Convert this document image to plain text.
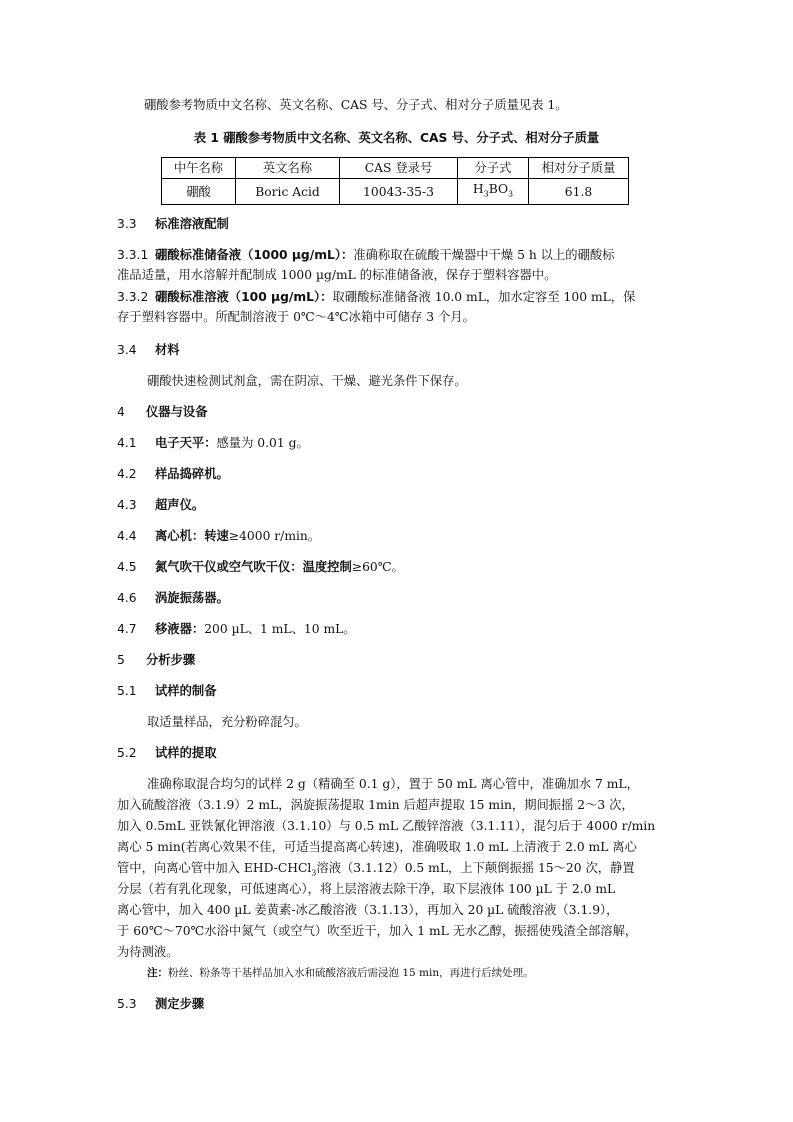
硼酸参考物质中文名称、英文名称、CAS 号、分子式、相对分子质量见表 1。
表 1 硼酸参考物质中文名称、英文名称、CAS 号、分子式、相对分子质量
中午名称	英文名称	CAS 登录号	分子式	相对分子质量
硼酸	Boric Acid	10043-35-3	$H_3BO_3$	61.8
3.3 标准溶液配制
3.3.1 硼酸标准储备液（1000 µg/mL）：准确称取在硫酸干燥器中干燥 5 h 以上的硼酸标
准品适量，用水溶解并配制成 1000 µg/mL 的标准储备液，保存于塑料容器中。
3.3.2 硼酸标准溶液（100 µg/mL）：取硼酸标准储备液 10.0 mL，加水定容至 100 mL，保
存于塑料容器中。所配制溶液于 0℃～4℃冰箱中可储存 3 个月。
3.4 材料
硼酸快速检测试剂盒，需在阴凉、干燥、避光条件下保存。
4 仪器与设备
4.1 电子天平：感量为 0.01 g。
4.2 样品捣碎机。
4.3 超声仪。
4.4 离心机：转速≥4000 r/min。
4.5 氮气吹干仪或空气吹干仪：温度控制≥60℃。
4.6 涡旋振荡器。
4.7 移液器：200 µL、1 mL、10 mL。
5 分析步骤
5.1 试样的制备
取适量样品，充分粉碎混匀。
5.2 试样的提取
准确称取混合均匀的试样 2 g（精确至 0.1 g），置于 50 mL 离心管中，准确加水 7 mL，
加入硫酸溶液（3.1.9）2 mL，涡旋振荡提取 1min 后超声提取 15 min，期间振摇 2～3 次，
加入 0.5mL 亚铁氰化钾溶液（3.1.10）与 0.5 mL 乙酸锌溶液（3.1.11），混匀后于 4000 r/min
离心 5 min(若离心效果不佳，可适当提高离心转速)，准确吸取 1.0 mL 上清液于 2.0 mL 离心
管中，向离心管中加入 EHD-CHCl$_3$溶液（3.1.12）0.5 mL，上下颠倒振摇 15～20 次，静置
分层（若有乳化现象，可低速离心），将上层溶液去除干净，取下层液体 100 µL 于 2.0 mL
离心管中，加入 400 µL 姜黄素-冰乙酸溶液（3.1.13），再加入 20 µL 硫酸溶液（3.1.9），
于 60℃～70℃水浴中氮气（或空气）吹至近干，加入 1 mL 无水乙醇，振摇使残渣全部溶解，
为待测液。
注：粉丝、粉条等干基样品加入水和硫酸溶液后需浸泡 15 min，再进行后续处理。
5.3 测定步骤
